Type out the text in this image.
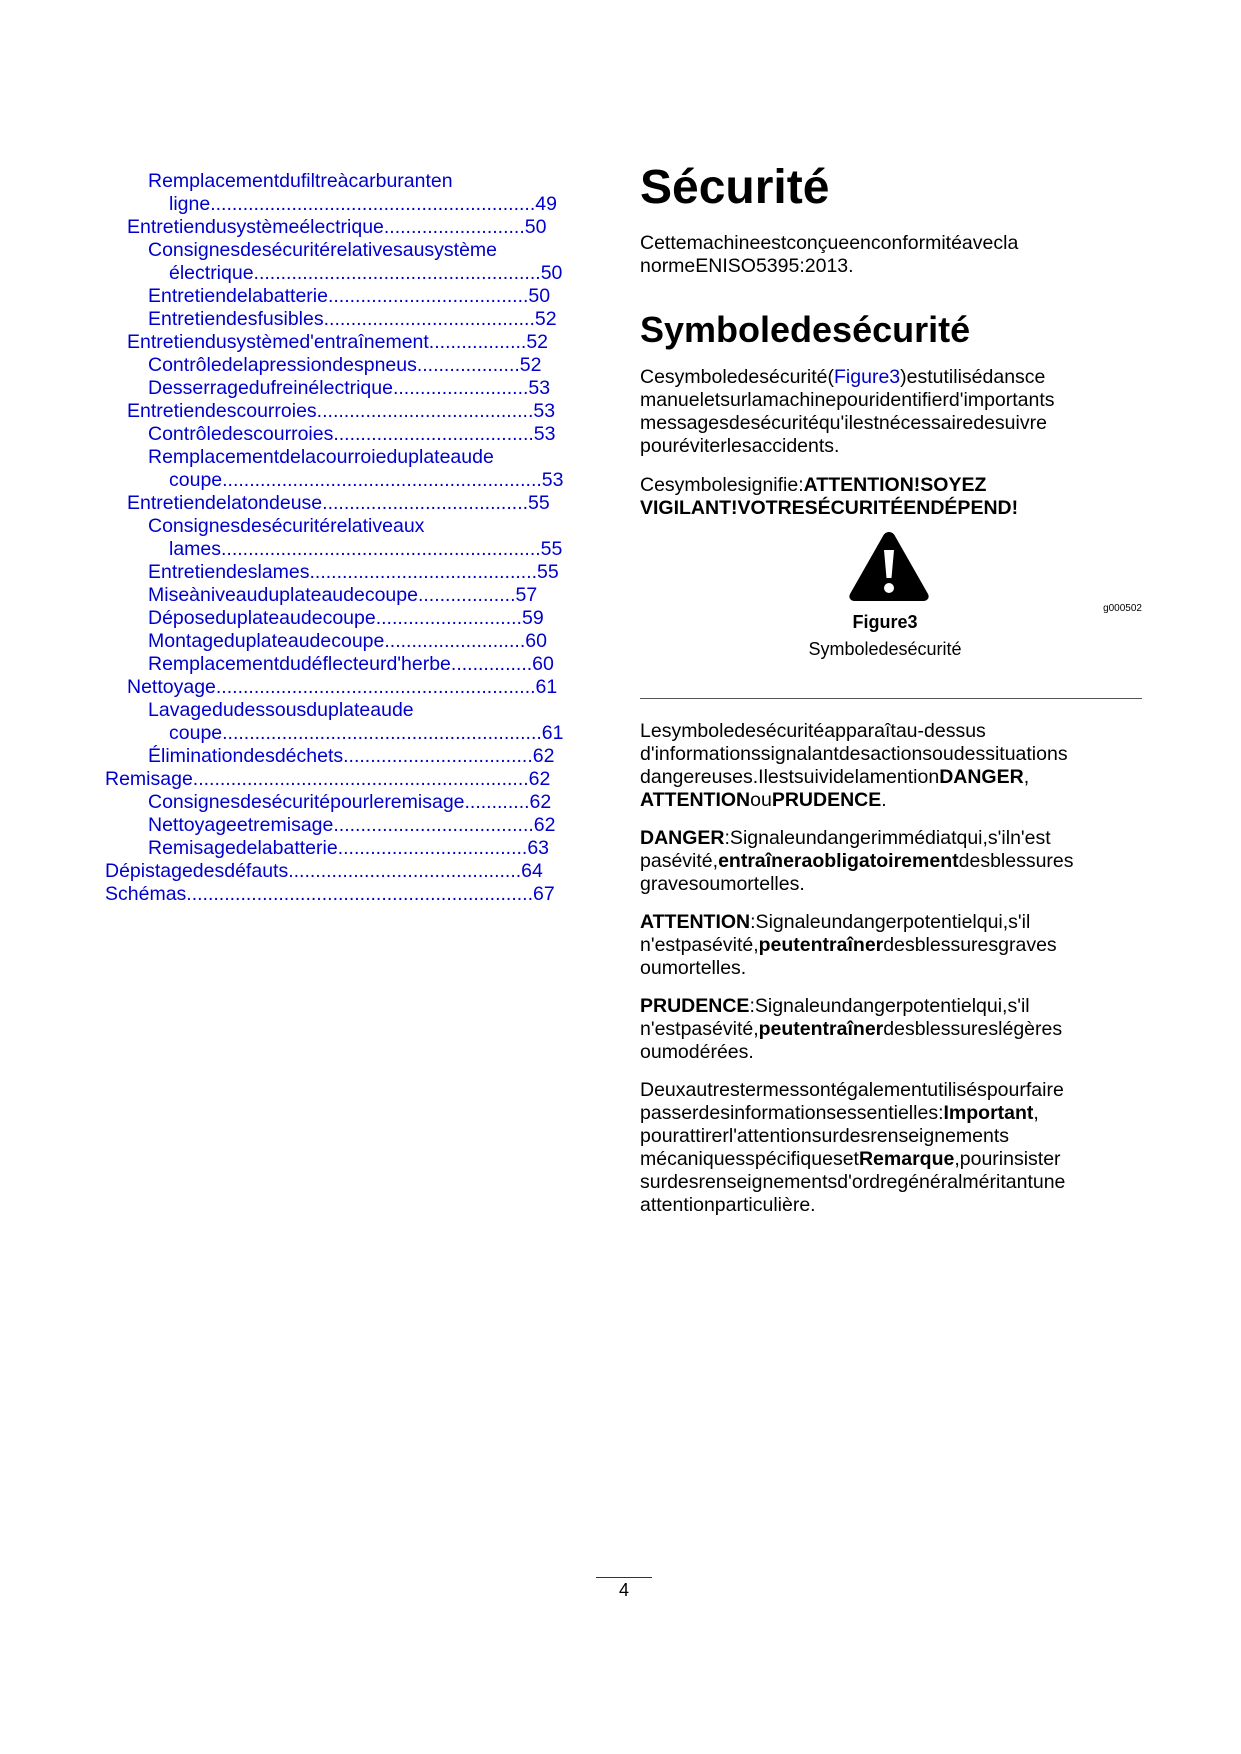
Remplacementdufiltreàcarburanten
ligne............................................................49
Entretiendusystèmeélectrique..........................50
Consignesdesécuritérelativesausystème
électrique.....................................................50
Entretiendelabatterie.....................................50
Entretiendesfusibles.......................................52
Entretiendusystèmed'entraînement..................52
Contrôledelapressiondespneus...................52
Desserragedufreinélectrique.........................53
Entretiendescourroies........................................53
Contrôledescourroies.....................................53
Remplacementdelacourroieduplateaude
coupe...........................................................53
Entretiendelatondeuse......................................55
Consignesdesécuritérelativeaux
lames...........................................................55
Entretiendeslames..........................................55
Miseàniveauduplateaudecoupe..................57
Déposeduplateaudecoupe...........................59
Montageduplateaudecoupe..........................60
Remplacementdudéflecteurd'herbe...............60
Nettoyage...........................................................61
Lavagedudessousduplateaude
coupe...........................................................61
Éliminationdesdéchets...................................62
Remisage..............................................................62
Consignesdesécuritépourleremisage............62
Nettoyageetremisage.....................................62
Remisagedelabatterie...................................63
Dépistagedesdéfauts...........................................64
Schémas................................................................67
Sécurité
Cettemachineestconçueenconformitéavecla
normeENISO5395:2013.
Symboledesécurité
Cesymboledesécurité(Figure3)estutilisédansce
manueletsurlamachinepouridentifierd'importants
messagesdesécuritéqu'ilestnécessairedesuivre
pouréviterlesaccidents.
Cesymbolesignifie:ATTENTION!SOYEZ
VIGILANT!VOTRESÉCURITÉENDÉPEND!
g000502
Figure3
Symboledesécurité
Lesymboledesécuritéapparaîtau-dessus
d'informationssignalantdesactionsoudessituations
dangereuses.IlestsuividelamentionDANGER,
ATTENTIONouPRUDENCE.
DANGER:Signaleundangerimmédiatqui,s'iln'est
pasévité,entraîneraobligatoirementdesblessures
gravesoumortelles.
ATTENTION:Signaleundangerpotentielqui,s'il
n'estpasévité,peutentraînerdesblessuresgraves
oumortelles.
PRUDENCE:Signaleundangerpotentielqui,s'il
n'estpasévité,peutentraînerdesblessureslégères
oumodérées.
Deuxautrestermessontégalementutiliséspourfaire
passerdesinformationsessentielles:Important,
pourattirerl'attentionsurdesrenseignements
mécaniquesspécifiquesetRemarque,pourinsister
surdesrenseignementsd'ordregénéralméritantune
attentionparticulière.
4
